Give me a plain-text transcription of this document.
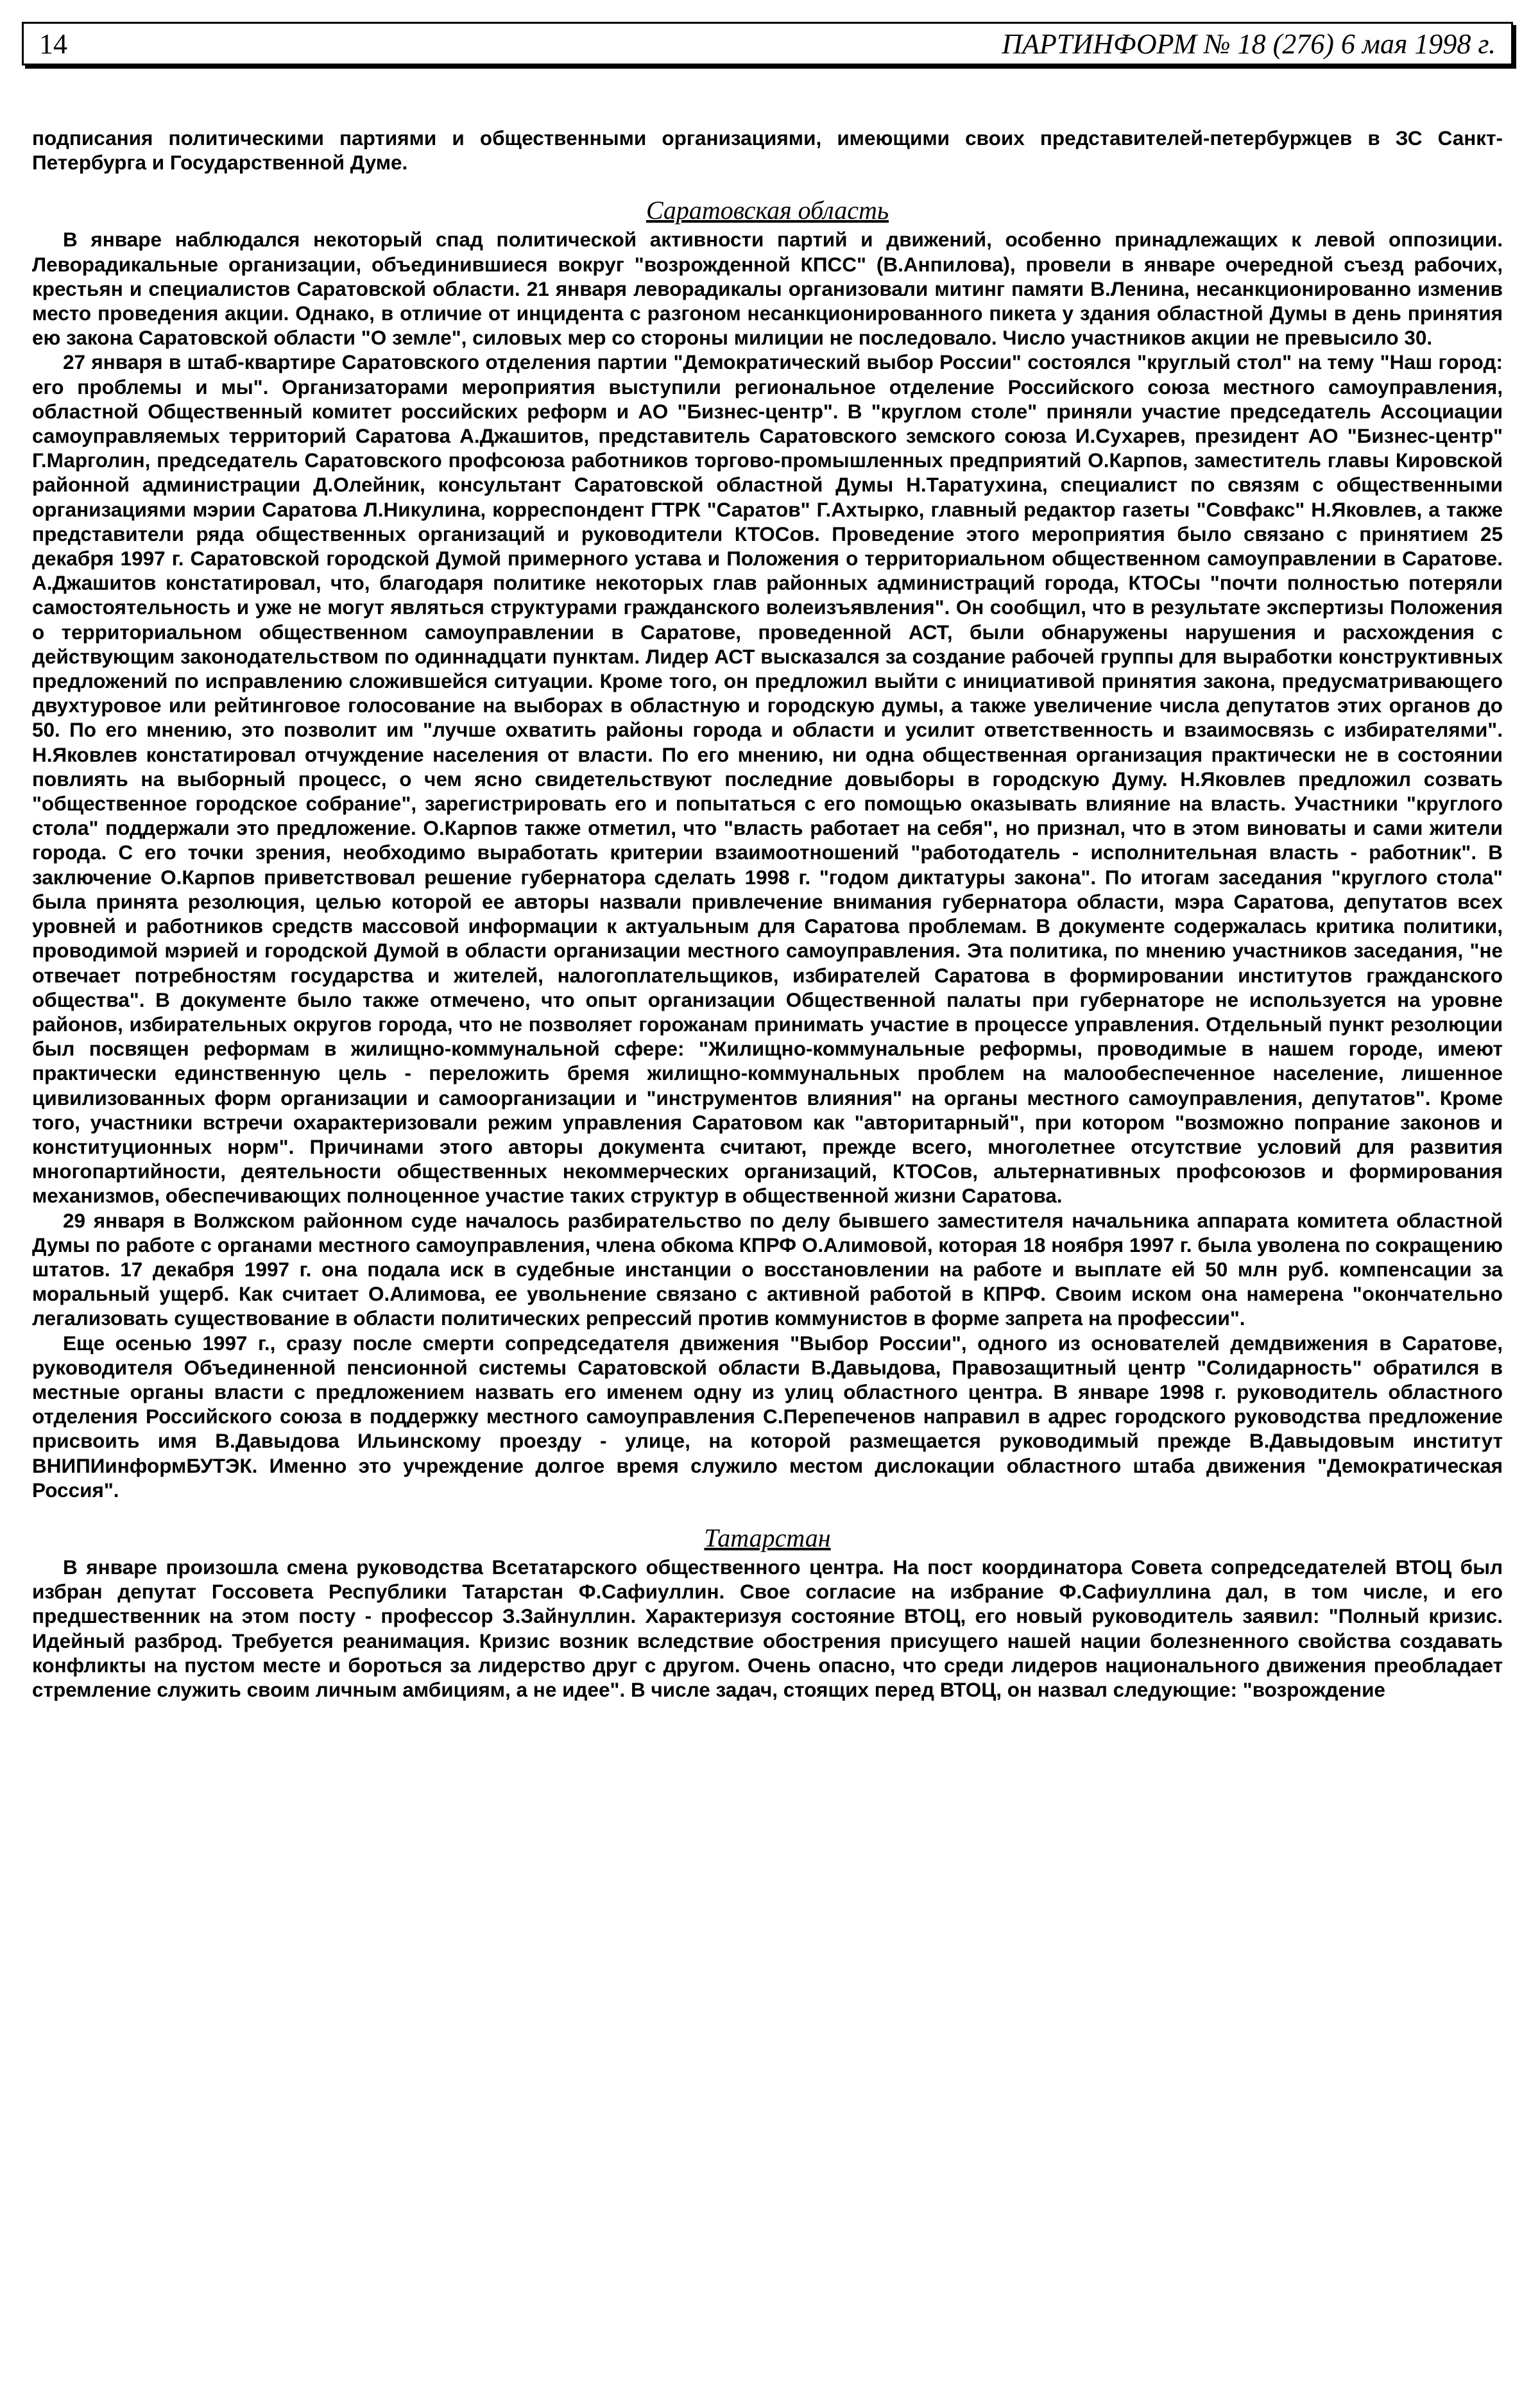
14	ПАРТИНФОРМ № 18 (276) 6 мая 1998 г.

подписания политическими партиями и общественными организациями, имеющими своих представителей-петербуржцев в ЗС Санкт-Петербурга и Государственной Думе.

Саратовская область

В январе наблюдался некоторый спад политической активности партий и движений, особенно принадлежащих к левой оппозиции. Леворадикальные организации, объединившиеся вокруг "возрожденной КПСС" (В.Анпилова), провели в январе очередной съезд рабочих, крестьян и специалистов Саратовской области. 21 января леворадикалы организовали митинг памяти В.Ленина, несанкционированно изменив место проведения акции. Однако, в отличие от инцидента с разгоном несанкционированного пикета у здания областной Думы в день принятия ею закона Саратовской области "О земле", силовых мер со стороны милиции не последовало. Число участников акции не превысило 30.

27 января в штаб-квартире Саратовского отделения партии "Демократический выбор России" состоялся "круглый стол" на тему "Наш город: его проблемы и мы". Организаторами мероприятия выступили региональное отделение Российского союза местного самоуправления, областной Общественный комитет российских реформ и АО "Бизнес-центр". В "круглом столе" приняли участие председатель Ассоциации самоуправляемых территорий Саратова А.Джашитов, представитель Саратовского земского союза И.Сухарев, президент АО "Бизнес-центр" Г.Марголин, председатель Саратовского профсоюза работников торгово-промышленных предприятий О.Карпов, заместитель главы Кировской районной администрации Д.Олейник, консультант Саратовской областной Думы Н.Таратухина, специалист по связям с общественными организациями мэрии Саратова Л.Никулина, корреспондент ГТРК "Саратов" Г.Ахтырко, главный редактор газеты "Совфакс" Н.Яковлев, а также представители ряда общественных организаций и руководители КТОСов. Проведение этого мероприятия было связано с принятием 25 декабря 1997 г. Саратовской городской Думой примерного устава и Положения о территориальном общественном самоуправлении в Саратове. А.Джашитов констатировал, что, благодаря политике некоторых глав районных администраций города, КТОСы "почти полностью потеряли самостоятельность и уже не могут являться структурами гражданского волеизъявления". Он сообщил, что в результате экспертизы Положения о территориальном общественном самоуправлении в Саратове, проведенной АСТ, были обнаружены нарушения и расхождения с действующим законодательством по одиннадцати пунктам. Лидер АСТ высказался за создание рабочей группы для выработки конструктивных предложений по исправлению сложившейся ситуации. Кроме того, он предложил выйти с инициативой принятия закона, предусматривающего двухтуровое или рейтинговое голосование на выборах в областную и городскую думы, а также увеличение числа депутатов этих органов до 50. По его мнению, это позволит им "лучше охватить районы города и области и усилит ответственность и взаимосвязь с избирателями". Н.Яковлев констатировал отчуждение населения от власти. По его мнению, ни одна общественная организация практически не в состоянии повлиять на выборный процесс, о чем ясно свидетельствуют последние довыборы в городскую Думу. Н.Яковлев предложил созвать "общественное городское собрание", зарегистрировать его и попытаться с его помощью оказывать влияние на власть. Участники "круглого стола" поддержали это предложение. О.Карпов также отметил, что "власть работает на себя", но признал, что в этом виноваты и сами жители города. С его точки зрения, необходимо выработать критерии взаимоотношений "работодатель - исполнительная власть - работник". В заключение О.Карпов приветствовал решение губернатора сделать 1998 г. "годом диктатуры закона". По итогам заседания "круглого стола" была принята резолюция, целью которой ее авторы назвали привлечение внимания губернатора области, мэра Саратова, депутатов всех уровней и работников средств массовой информации к актуальным для Саратова проблемам. В документе содержалась критика политики, проводимой мэрией и городской Думой в области организации местного самоуправления. Эта политика, по мнению участников заседания, "не отвечает потребностям государства и жителей, налогоплательщиков, избирателей Саратова в формировании институтов гражданского общества". В документе было также отмечено, что опыт организации Общественной палаты при губернаторе не используется на уровне районов, избирательных округов города, что не позволяет горожанам принимать участие в процессе управления. Отдельный пункт резолюции был посвящен реформам в жилищно-коммунальной сфере: "Жилищно-коммунальные реформы, проводимые в нашем городе, имеют практически единственную цель - переложить бремя жилищно-коммунальных проблем на малообеспеченное население, лишенное цивилизованных форм организации и самоорганизации и "инструментов влияния" на органы местного самоуправления, депутатов". Кроме того, участники встречи охарактеризовали режим управления Саратовом как "авторитарный", при котором "возможно попрание законов и конституционных норм". Причинами этого авторы документа считают, прежде всего, многолетнее отсутствие условий для развития многопартийности, деятельности общественных некоммерческих организаций, КТОСов, альтернативных профсоюзов и формирования механизмов, обеспечивающих полноценное участие таких структур в общественной жизни Саратова.

29 января в Волжском районном суде началось разбирательство по делу бывшего заместителя начальника аппарата комитета областной Думы по работе с органами местного самоуправления, члена обкома КПРФ О.Алимовой, которая 18 ноября 1997 г. была уволена по сокращению штатов. 17 декабря 1997 г. она подала иск в судебные инстанции о восстановлении на работе и выплате ей 50 млн руб. компенсации за моральный ущерб. Как считает О.Алимова, ее увольнение связано с активной работой в КПРФ. Своим иском она намерена "окончательно легализовать существование в области политических репрессий против коммунистов в форме запрета на профессии".

Еще осенью 1997 г., сразу после смерти сопредседателя движения "Выбор России", одного из основателей демдвижения в Саратове, руководителя Объединенной пенсионной системы Саратовской области В.Давыдова, Правозащитный центр "Солидарность" обратился в местные органы власти с предложением назвать его именем одну из улиц областного центра. В январе 1998 г. руководитель областного отделения Российского союза в поддержку местного самоуправления С.Перепеченов направил в адрес городского руководства предложение присвоить имя В.Давыдова Ильинскому проезду - улице, на которой размещается руководимый прежде В.Давыдовым институт ВНИПИинформБУТЭК. Именно это учреждение долгое время служило местом дислокации областного штаба движения "Демократическая Россия".

Татарстан

В январе произошла смена руководства Всетатарского общественного центра. На пост координатора Совета сопредседателей ВТОЦ был избран депутат Госсовета Республики Татарстан Ф.Сафиуллин. Свое согласие на избрание Ф.Сафиуллина дал, в том числе, и его предшественник на этом посту - профессор З.Зайнуллин. Характеризуя состояние ВТОЦ, его новый руководитель заявил: "Полный кризис. Идейный разброд. Требуется реанимация. Кризис возник вследствие обострения присущего нашей нации болезненного свойства создавать конфликты на пустом месте и бороться за лидерство друг с другом. Очень опасно, что среди лидеров национального движения преобладает стремление служить своим личным амбициям, а не идее". В числе задач, стоящих перед ВТОЦ, он назвал следующие: "возрождение
